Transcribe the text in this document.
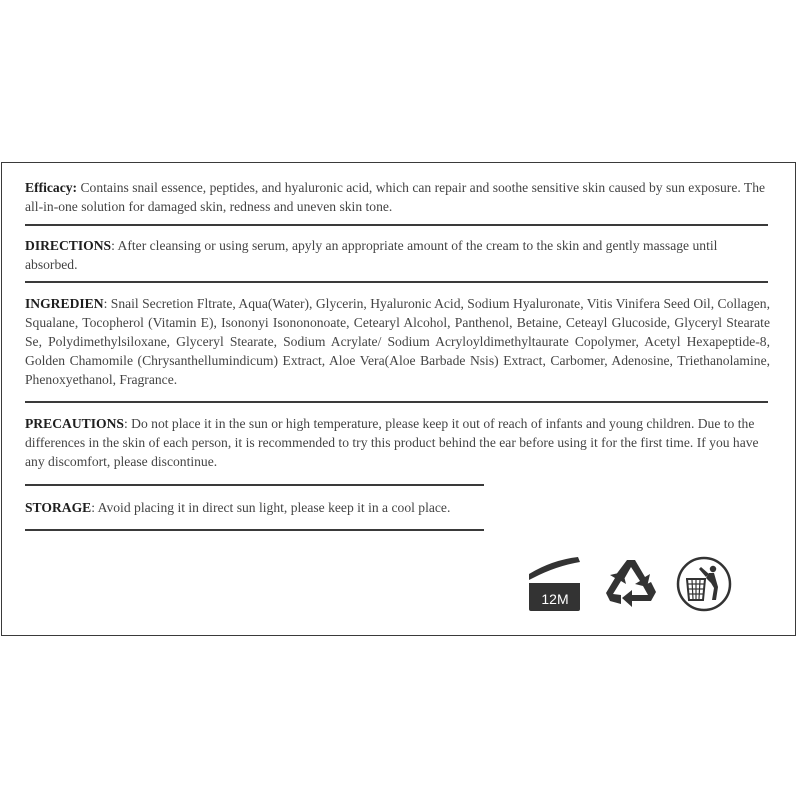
Efficacy: Contains snail essence, peptides, and hyaluronic acid, which can repair and soothe sensitive skin caused by sun exposure. The all-in-one solution for damaged skin, redness and uneven skin tone.
DIRECTIONS: After cleansing or using serum, apyly an appropriate amount of the cream to the skin and gently massage until absorbed.
INGREDIEN: Snail Secretion Fltrate, Aqua(Water), Glycerin, Hyaluronic Acid, Sodium Hyaluronate, Vitis Vinifera Seed Oil, Collagen, Squalane, Tocopherol (Vitamin E), Isononyi Isonononoate, Cetearyl Alcohol, Panthenol, Betaine, Ceteayl Glucoside, Glyceryl Stearate Se, Polydimethylsiloxane, Glyceryl Stearate, Sodium Acrylate/ Sodium Acryloyldimethyltaurate Copolymer, Acetyl Hexapeptide-8, Golden Chamomile (Chrysanthellumindicum) Extract, Aloe Vera(Aloe Barbade Nsis) Extract, Carbomer, Adenosine, Triethanolamine, Phenoxyethanol, Fragrance.
PRECAUTIONS: Do not place it in the sun or high temperature, please keep it out of reach of infants and young children. Due to the differences in the skin of each person, it is recommended to try this product behind the ear before using it for the first time. If you have any discomfort, please discontinue.
STORAGE: Avoid placing it in direct sun light, please keep it in a cool place.
12M
